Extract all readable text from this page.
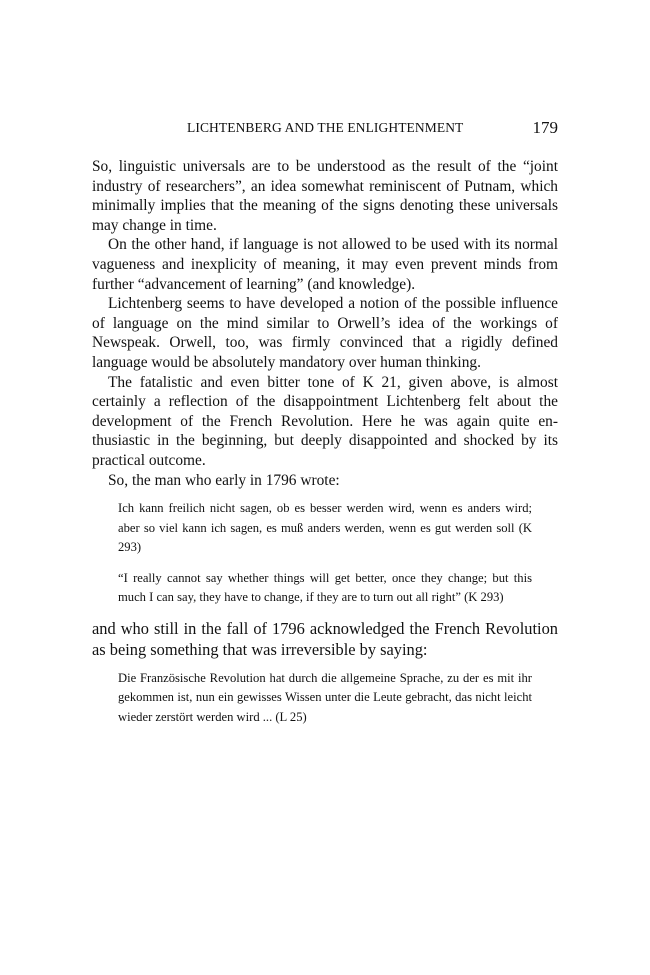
LICHTENBERG AND THE ENLIGHTENMENT	179

So, linguistic universals are to be understood as the result of the “joint industry of researchers”, an idea somewhat reminiscent of Putnam, which minimally implies that the meaning of the signs denoting these universals may change in time.

On the other hand, if language is not allowed to be used with its normal vagueness and inexplicity of meaning, it may even prevent minds from further “advancement of learning” (and knowledge).

Lichtenberg seems to have developed a notion of the possible influence of language on the mind similar to Orwell’s idea of the workings of Newspeak. Orwell, too, was firmly convinced that a rigidly defined language would be absolutely mandatory over human thinking.

The fatalistic and even bitter tone of K 21, given above, is almost certainly a reflection of the disappointment Lichtenberg felt about the development of the French Revolution. Here he was again quite enthusiastic in the beginning, but deeply disappointed and shocked by its practical outcome.

So, the man who early in 1796 wrote:

Ich kann freilich nicht sagen, ob es besser werden wird, wenn es anders wird; aber so viel kann ich sagen, es muß anders werden, wenn es gut werden soll (K 293)

“I really cannot say whether things will get better, once they change; but this much I can say, they have to change, if they are to turn out all right” (K 293)

and who still in the fall of 1796 acknowledged the French Revolution as being something that was irreversible by saying:

Die Französische Revolution hat durch die allgemeine Sprache, zu der es mit ihr gekommen ist, nun ein gewisses Wissen unter die Leute gebracht, das nicht leicht wieder zerstört werden wird ... (L 25)
